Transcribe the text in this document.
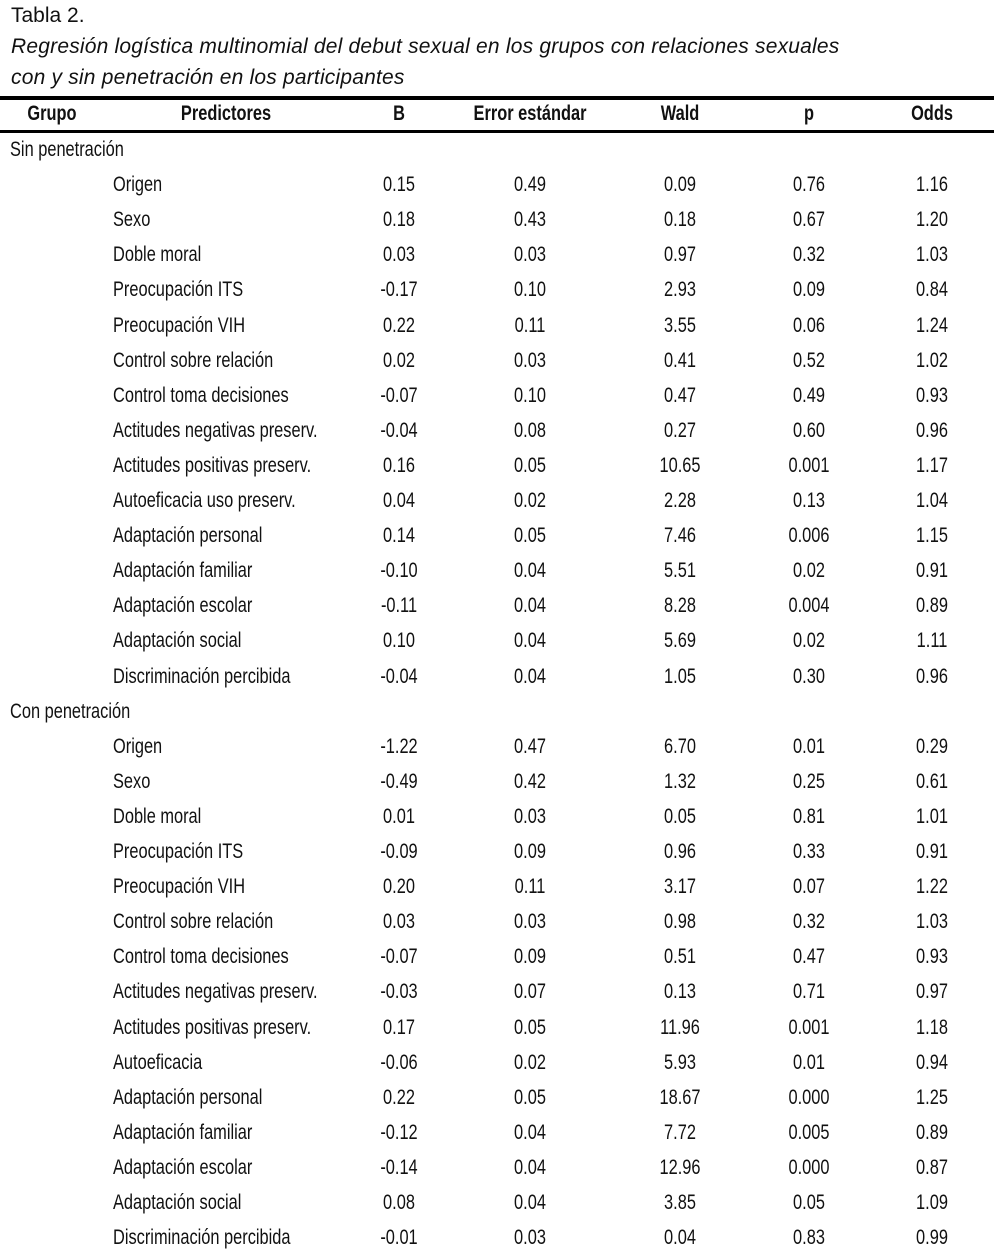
Tabla 2.
Regresión logística multinomial del debut sexual en los grupos con relaciones sexuales
con y sin penetración en los participantes
Grupo	Predictores	B	Error estándar	Wald	p	Odds
Sin penetración
Origen	0.15	0.49	0.09	0.76	1.16
Sexo	0.18	0.43	0.18	0.67	1.20
Doble moral	0.03	0.03	0.97	0.32	1.03
Preocupación ITS	-0.17	0.10	2.93	0.09	0.84
Preocupación VIH	0.22	0.11	3.55	0.06	1.24
Control sobre relación	0.02	0.03	0.41	0.52	1.02
Control toma decisiones	-0.07	0.10	0.47	0.49	0.93
Actitudes negativas preserv.	-0.04	0.08	0.27	0.60	0.96
Actitudes positivas preserv.	0.16	0.05	10.65	0.001	1.17
Autoeficacia uso preserv.	0.04	0.02	2.28	0.13	1.04
Adaptación personal	0.14	0.05	7.46	0.006	1.15
Adaptación familiar	-0.10	0.04	5.51	0.02	0.91
Adaptación escolar	-0.11	0.04	8.28	0.004	0.89
Adaptación social	0.10	0.04	5.69	0.02	1.11
Discriminación percibida	-0.04	0.04	1.05	0.30	0.96
Con penetración
Origen	-1.22	0.47	6.70	0.01	0.29
Sexo	-0.49	0.42	1.32	0.25	0.61
Doble moral	0.01	0.03	0.05	0.81	1.01
Preocupación ITS	-0.09	0.09	0.96	0.33	0.91
Preocupación VIH	0.20	0.11	3.17	0.07	1.22
Control sobre relación	0.03	0.03	0.98	0.32	1.03
Control toma decisiones	-0.07	0.09	0.51	0.47	0.93
Actitudes negativas preserv.	-0.03	0.07	0.13	0.71	0.97
Actitudes positivas preserv.	0.17	0.05	11.96	0.001	1.18
Autoeficacia	-0.06	0.02	5.93	0.01	0.94
Adaptación personal	0.22	0.05	18.67	0.000	1.25
Adaptación familiar	-0.12	0.04	7.72	0.005	0.89
Adaptación escolar	-0.14	0.04	12.96	0.000	0.87
Adaptación social	0.08	0.04	3.85	0.05	1.09
Discriminación percibida	-0.01	0.03	0.04	0.83	0.99
